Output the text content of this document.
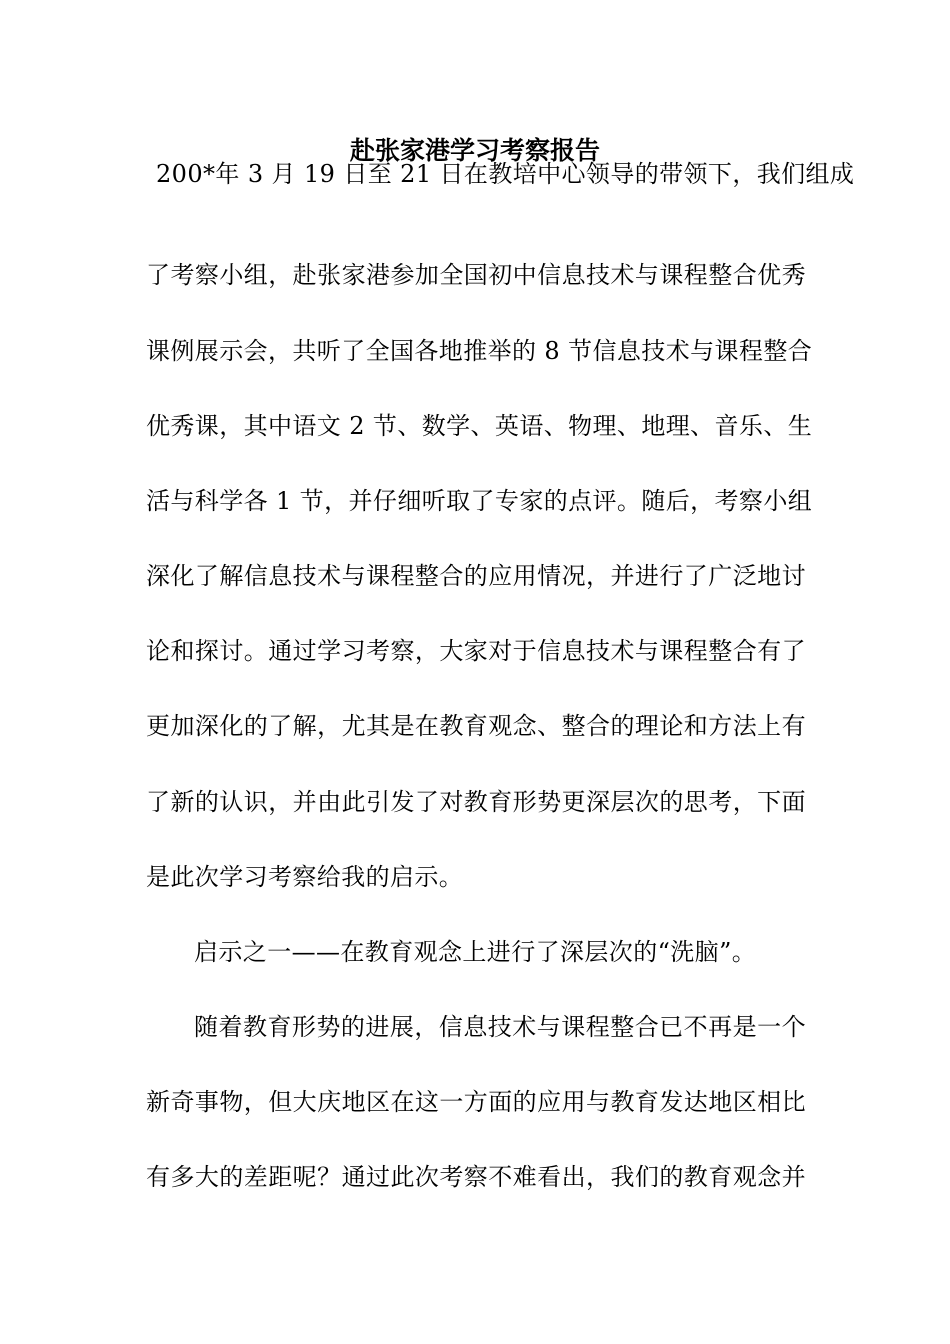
赴张家港学习考察报告
200*年 3 月 19 日至 21 日在教培中心领导的带领下，我们组成
了考察小组，赴张家港参加全国初中信息技术与课程整合优秀
课例展示会，共听了全国各地推举的 8 节信息技术与课程整合
优秀课，其中语文 2 节、数学、英语、物理、地理、音乐、生
活与科学各 1 节，并仔细听取了专家的点评。随后，考察小组
深化了解信息技术与课程整合的应用情况，并进行了广泛地讨
论和探讨。通过学习考察，大家对于信息技术与课程整合有了
更加深化的了解，尤其是在教育观念、整合的理论和方法上有
了新的认识，并由此引发了对教育形势更深层次的思考，下面
是此次学习考察给我的启示。
启示之一——在教育观念上进行了深层次的“洗脑”。
随着教育形势的进展，信息技术与课程整合已不再是一个
新奇事物，但大庆地区在这一方面的应用与教育发达地区相比
有多大的差距呢？通过此次考察不难看出，我们的教育观念并
